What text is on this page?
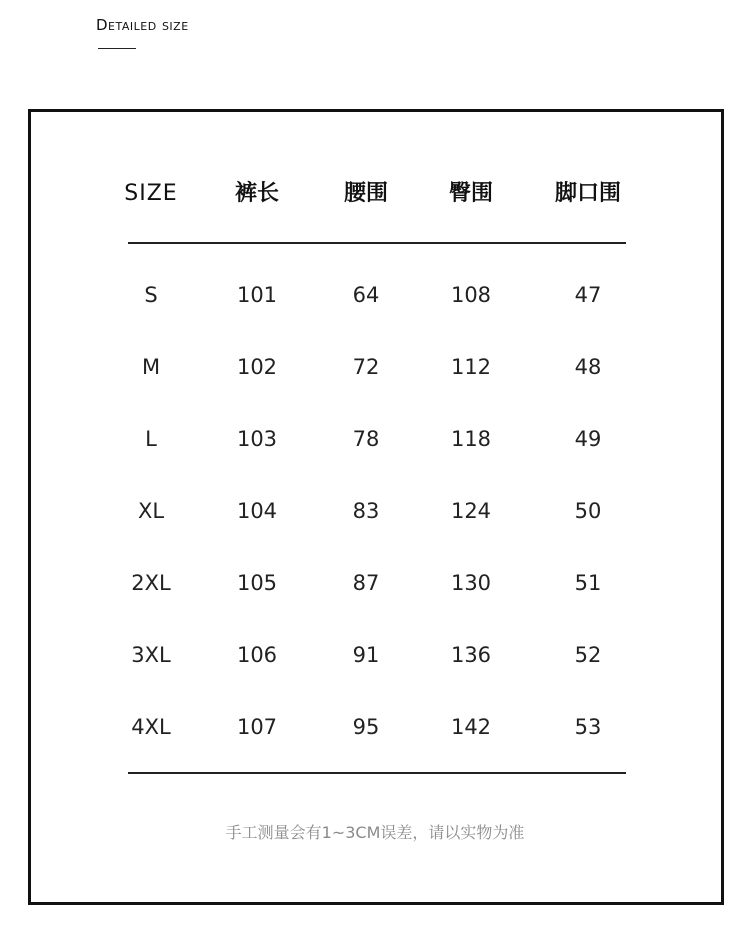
Detailed size
SIZE	裤长	腰围	臀围	脚口围
S	101	64	108	47
M	102	72	112	48
L	103	78	118	49
XL	104	83	124	50
2XL	105	87	130	51
3XL	106	91	136	52
4XL	107	95	142	53
手工测量会有1~3CM误差，请以实物为准
